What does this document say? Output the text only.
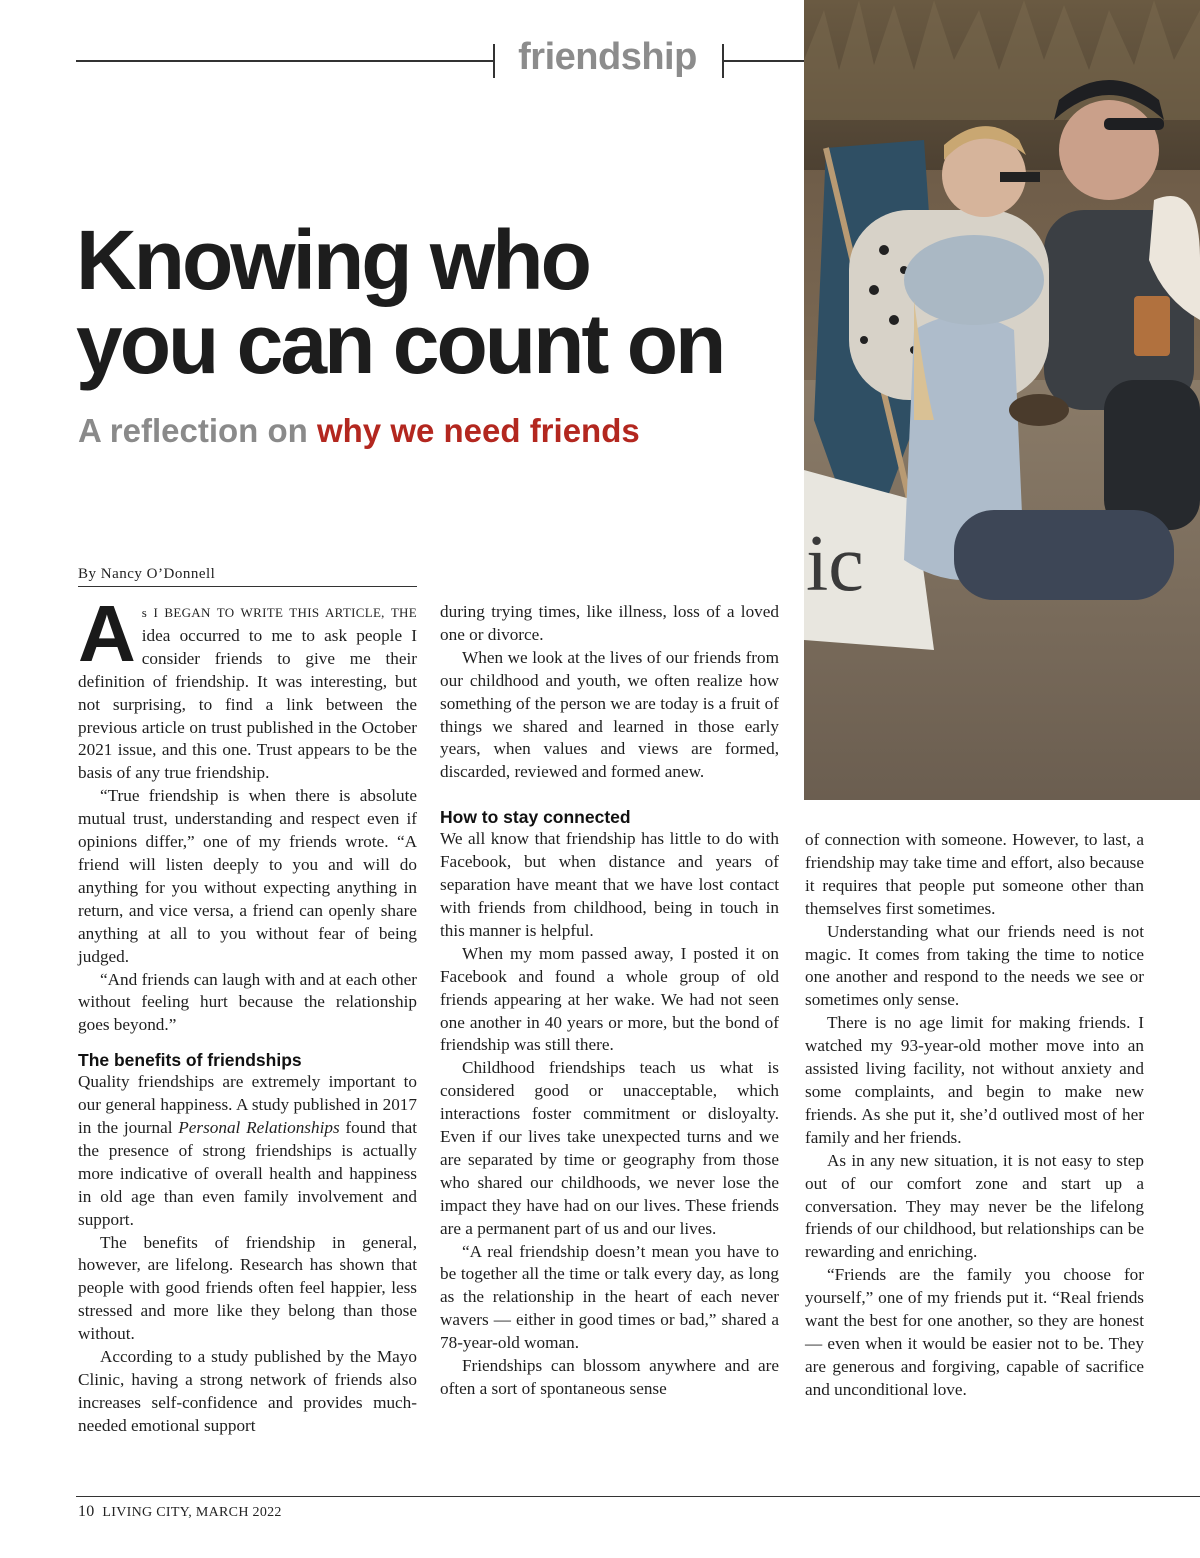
friendship
ic
Knowing who
you can count on
A reflection on why we need friends
By Nancy O’Donnell

As I BEGAN TO WRITE THIS ARTICLE, THE idea occurred to me to ask people I consider friends to give me their definition of friendship. It was interesting, but not surprising, to find a link between the previous article on trust published in the October 2021 issue, and this one. Trust appears to be the basis of any true friendship.

“True friendship is when there is absolute mutual trust, understanding and respect even if opinions differ,” one of my friends wrote. “A friend will listen deeply to you and will do anything for you without expecting anything in return, and vice versa, a friend can openly share anything at all to you without fear of being judged.

“And friends can laugh with and at each other without feeling hurt because the relationship goes beyond.”

The benefits of friendships

Quality friendships are extremely important to our general happiness. A study published in 2017 in the journal Personal Relationships found that the presence of strong friendships is actually more indicative of overall health and happiness in old age than even family involvement and support.

The benefits of friendship in general, however, are lifelong. Research has shown that people with good friends often feel happier, less stressed and more like they belong than those without.

According to a study published by the Mayo Clinic, having a strong network of friends also increases self-confidence and provides much-needed emotional support

during trying times, like illness, loss of a loved one or divorce.

When we look at the lives of our friends from our childhood and youth, we often realize how something of the person we are today is a fruit of things we shared and learned in those early years, when values and views are formed, discarded, reviewed and formed anew.

How to stay connected

We all know that friendship has little to do with Facebook, but when distance and years of separation have meant that we have lost contact with friends from childhood, being in touch in this manner is helpful.

When my mom passed away, I posted it on Facebook and found a whole group of old friends appearing at her wake. We had not seen one another in 40 years or more, but the bond of friendship was still there.

Childhood friendships teach us what is considered good or unacceptable, which interactions foster commitment or disloyalty. Even if our lives take unexpected turns and we are separated by time or geography from those who shared our childhoods, we never lose the impact they have had on our lives. These friends are a permanent part of us and our lives.

“A real friendship doesn’t mean you have to be together all the time or talk every day, as long as the relationship in the heart of each never wavers — either in good times or bad,” shared a 78-year-old woman.

Friendships can blossom anywhere and are often a sort of spontaneous sense

of connection with someone. However, to last, a friendship may take time and effort, also because it requires that people put someone other than themselves first sometimes.

Understanding what our friends need is not magic. It comes from taking the time to notice one another and respond to the needs we see or sometimes only sense.

There is no age limit for making friends. I watched my 93-year-old mother move into an assisted living facility, not without anxiety and some complaints, and begin to make new friends. As she put it, she’d outlived most of her family and her friends.

As in any new situation, it is not easy to step out of our comfort zone and start up a conversation. They may never be the lifelong friends of our childhood, but relationships can be rewarding and enriching.

“Friends are the family you choose for yourself,” one of my friends put it. “Real friends want the best for one another, so they are honest — even when it would be easier not to be. They are generous and forgiving, capable of sacrifice and unconditional love.

10 LIVING CITY, MARCH 2022
